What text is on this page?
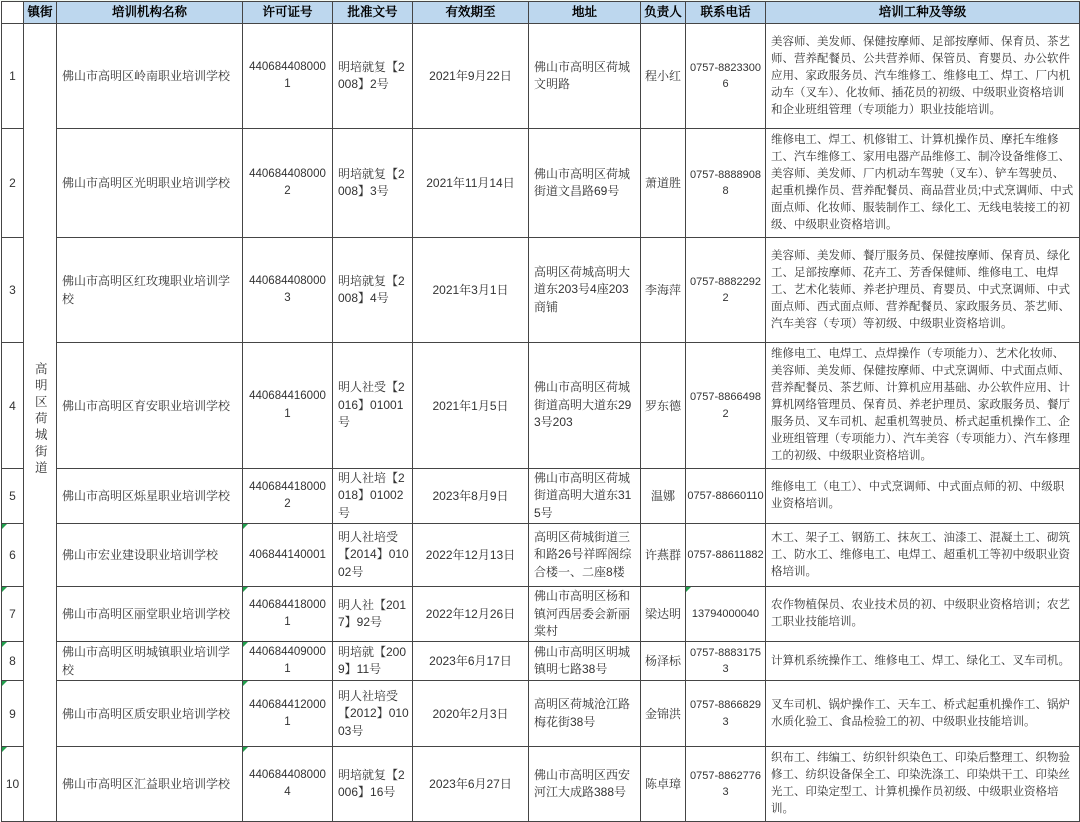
	镇街	培训机构名称	许可证号	批准文号	有效期至	地址	负责人	联系电话	培训工种及等级
1	高明区荷城街道	佛山市高明区岭南职业培训学校	4406844080001	明培就复【2008】2号	2021年9月22日	佛山市高明区荷城文明路	程小红	0757-88233006	美容师、美发师、保健按摩师、足部按摩师、保育员、茶艺师、营养配餐员、公共营养师、保管员、育婴员、办公软件应用、家政服务员、汽车维修工、维修电工、焊工、厂内机动车（叉车）、化妆师、插花员的初级、中级职业资格培训和企业班组管理（专项能力）职业技能培训。
2		佛山市高明区光明职业培训学校	4406844080002	明培就复【2008】3号	2021年11月14日	佛山市高明区荷城街道文昌路69号	萧道胜	0757-88889088	维修电工、焊工、机修钳工、计算机操作员、摩托车维修工、汽车维修工、家用电器产品维修工、制冷设备维修工、美容师、美发师、厂内机动车驾驶（叉车）、铲车驾驶员、起重机操作员、营养配餐员、商品营业员;中式烹调师、中式面点师、化妆师、服装制作工、绿化工、无线电装接工的初级、中级职业资格培训。
3		佛山市高明区红玫瑰职业培训学校	4406844080003	明培就复【2008】4号	2021年3月1日	高明区荷城高明大道东203号4座203商铺	李海萍	0757-88822922	美容师、美发师、餐厅服务员、保健按摩师、保育员、绿化工、足部按摩师、花卉工、芳香保健师、维修电工、电焊工、艺术化装师、养老护理员、育婴员、中式烹调师、中式面点师、西式面点师、营养配餐员、家政服务员、茶艺师、汽车美容（专项）等初级、中级职业资格培训。
4		佛山市高明区育安职业培训学校	4406844160001	明人社受【2016】01001号	2021年1月5日	佛山市高明区荷城街道高明大道东293号203	罗东德	0757-88664982	维修电工、电焊工、点焊操作（专项能力）、艺术化妆师、美容师、美发师、保健按摩师、中式烹调师、中式面点师、营养配餐员、茶艺师、计算机应用基础、办公软件应用、计算机网络管理员、保育员、养老护理员、家政服务员、餐厅服务员、叉车司机、起重机驾驶员、桥式起重机操作工、企业班组管理（专项能力）、汽车美容（专项能力）、汽车修理工的初级、中级职业资格培训。
5		佛山市高明区烁星职业培训学校	4406844180002	明人社培【2018】01002号	2023年8月9日	佛山市高明区荷城街道高明大道东315号	温娜	0757-88660110	维修电工（电工）、中式烹调师、中式面点师的初、中级职业资格培训。
6		佛山市宏业建设职业培训学校	406844140001	明人社培受【2014】01002号	2022年12月13日	高明区荷城街道三和路26号祥晖阁综合楼一、二座8楼	许燕群	0757-88611882	木工、架子工、钢筋工、抹灰工、油漆工、混凝土工、砌筑工、防水工、维修电工、电焊工、超重机工等初中级职业资格培训。
7		佛山市高明区丽堂职业培训学校	4406844180001	明人社【2017】92号	2022年12月26日	佛山市高明区杨和镇河西居委会新丽棠村	梁达明	13794000040	农作物植保员、农业技术员的初、中级职业资格培训；农艺工职业技能培训。
8		佛山市高明区明城镇职业培训学校	4406844090001	明培就【2009】11号	2023年6月17日	佛山市高明区明城镇明七路38号	杨泽标	0757-88831753	计算机系统操作工、维修电工、焊工、绿化工、叉车司机。
9		佛山市高明区质安职业培训学校	4406844120001	明人社培受【2012】01003号	2020年2月3日	高明区荷城沧江路梅花街38号	金锦洪	0757-88668293	叉车司机、锅炉操作工、天车工、桥式起重机操作工、锅炉水质化验工、食品检验工的初、中级职业技能培训。
10		佛山市高明区汇益职业培训学校	4406844080004	明培就复【2006】16号	2023年6月27日	佛山市高明区西安河江大成路388号	陈卓璋	0757-88627763	织布工、纬编工、纺织针织染色工、印染后整理工、织物验修工、纺织设备保全工、印染洗涤工、印染烘干工、印染丝光工、印染定型工、计算机操作员初级、中级职业资格培训。
